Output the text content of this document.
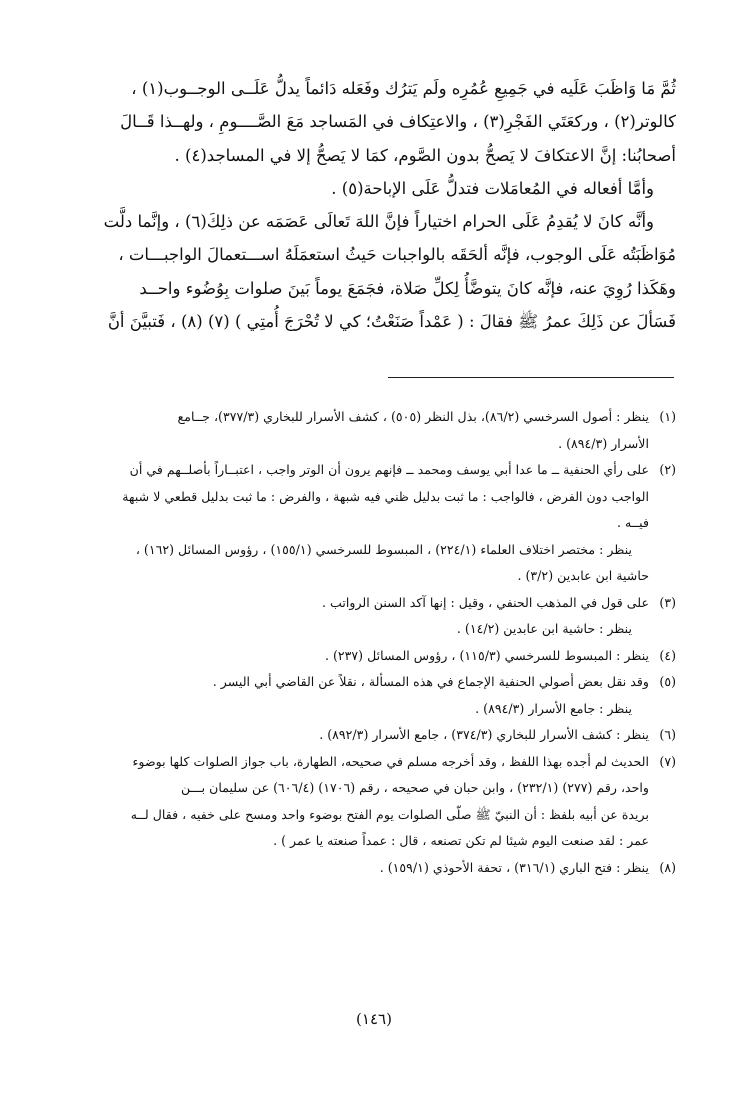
ثُمَّ مَا وَاظَبَ عَلَيه في جَمِيعِ عُمُرِه ولَم يَترُك وفَعَله دَائماً يدلُّ عَلَــى الوجــوب(١) ،
كالوتر(٢) ، وركعَتَي الفَجْرِ(٣) ، والاعتِكاف في المَساجد مَعَ الصَّــــومِ ، ولهــذا قَــالَ
أصحابُنا: إنَّ الاعتكافَ لا يَصحُّ بدون الصَّوم، كمَا لا يَصحُّ إلا في المساجد(٤) .
وأمَّا أفعاله في المُعامَلات فتدلُّ عَلَى الإباحة(٥) .
وأنَّه كانَ لا يُقدِمُ عَلَى الحرام اختياراً فإنَّ اللهَ تَعالَى عَصَمَه عن ذلِكَ(٦) ، وإنَّما دلَّت
مُوَاظَبَتُه عَلَى الوجوب، فإنَّه ألحَقَه بالواجبات حَيثُ استعمَلَهُ اســـتعمالَ الواجبـــات ،
وهَكَذا رُوِيَ عنه، فإنَّه كانَ يتوضَّأُ لِكلِّ صَلاة، فجَمَعَ يوماً بَينَ صلوات بِوُضُوء واحــد
فَسَألَ عن ذَلِكَ عمرُ ﷺ فقالَ : ( عَمْداً صَنَعْتُ؛ كي لا تُحْرَجَ أُمتِي ) (٧) (٨) ، فَتبيَّنَ أنَّ

(١)
ينظر : أصول السرخسي (٨٦/٢)، بذل النظر (٥٠٥) ، كشف الأسرار للبخاري (٣٧٧/٣)، جــامع
الأسرار (٨٩٤/٣) .
(٢)
على رأي الحنفية ــ ما عدا أبي يوسف ومحمد ــ فإنهم يرون أن الوتر واجب ، اعتبــاراً بأصلــهم في أن
الواجب دون الفرض ، فالواجب : ما ثبت بدليل ظني فيه شبهة ، والفرض : ما ثبت بدليل قطعي لا شبهة
فيــه .
ينظر : مختصر اختلاف العلماء (٢٢٤/١) ، المبسوط للسرخسي (١٥٥/١) ، رؤوس المسائل (١٦٢) ،
حاشية ابن عابدين (٣/٢) .
(٣)
على قول في المذهب الحنفي ، وقيل : إنها آكد السنن الرواتب .
ينظر : حاشية ابن عابدين (١٤/٢) .
(٤)
ينظر : المبسوط للسرخسي (١١٥/٣) ، رؤوس المسائل (٢٣٧) .
(٥)
وقد نقل بعض أصولي الحنفية الإجماع في هذه المسألة ، نقلاً عن القاضي أبي اليسر .
ينظر : جامع الأسرار (٨٩٤/٣) .
(٦)
ينظر : كشف الأسرار للبخاري (٣٧٤/٣) ، جامع الأسرار (٨٩٢/٣) .
(٧)
الحديث لم أجده بهذا اللفظ ، وقد أخرجه مسلم في صحيحه، الطهارة، باب جواز الصلوات كلها بوضوء
واحد، رقم (٢٧٧) (٢٣٢/١) ، وابن حبان في صحيحه ، رقم (١٧٠٦) (٦٠٦/٤) عن سليمان بـــن
بريدة عن أبيه بلفظ : أن النبيّ ﷺ صلّى الصلوات يوم الفتح بوضوء واحد ومسح على خفيه ، فقال لــه
عمر : لقد صنعت اليوم شيئا لم تكن تصنعه ، قال : عمداً صنعته يا عمر ) .
(٨)
ينظر : فتح الباري (٣١٦/١) ، تحفة الأحوذي (١٥٩/١) .
(١٤٦)
